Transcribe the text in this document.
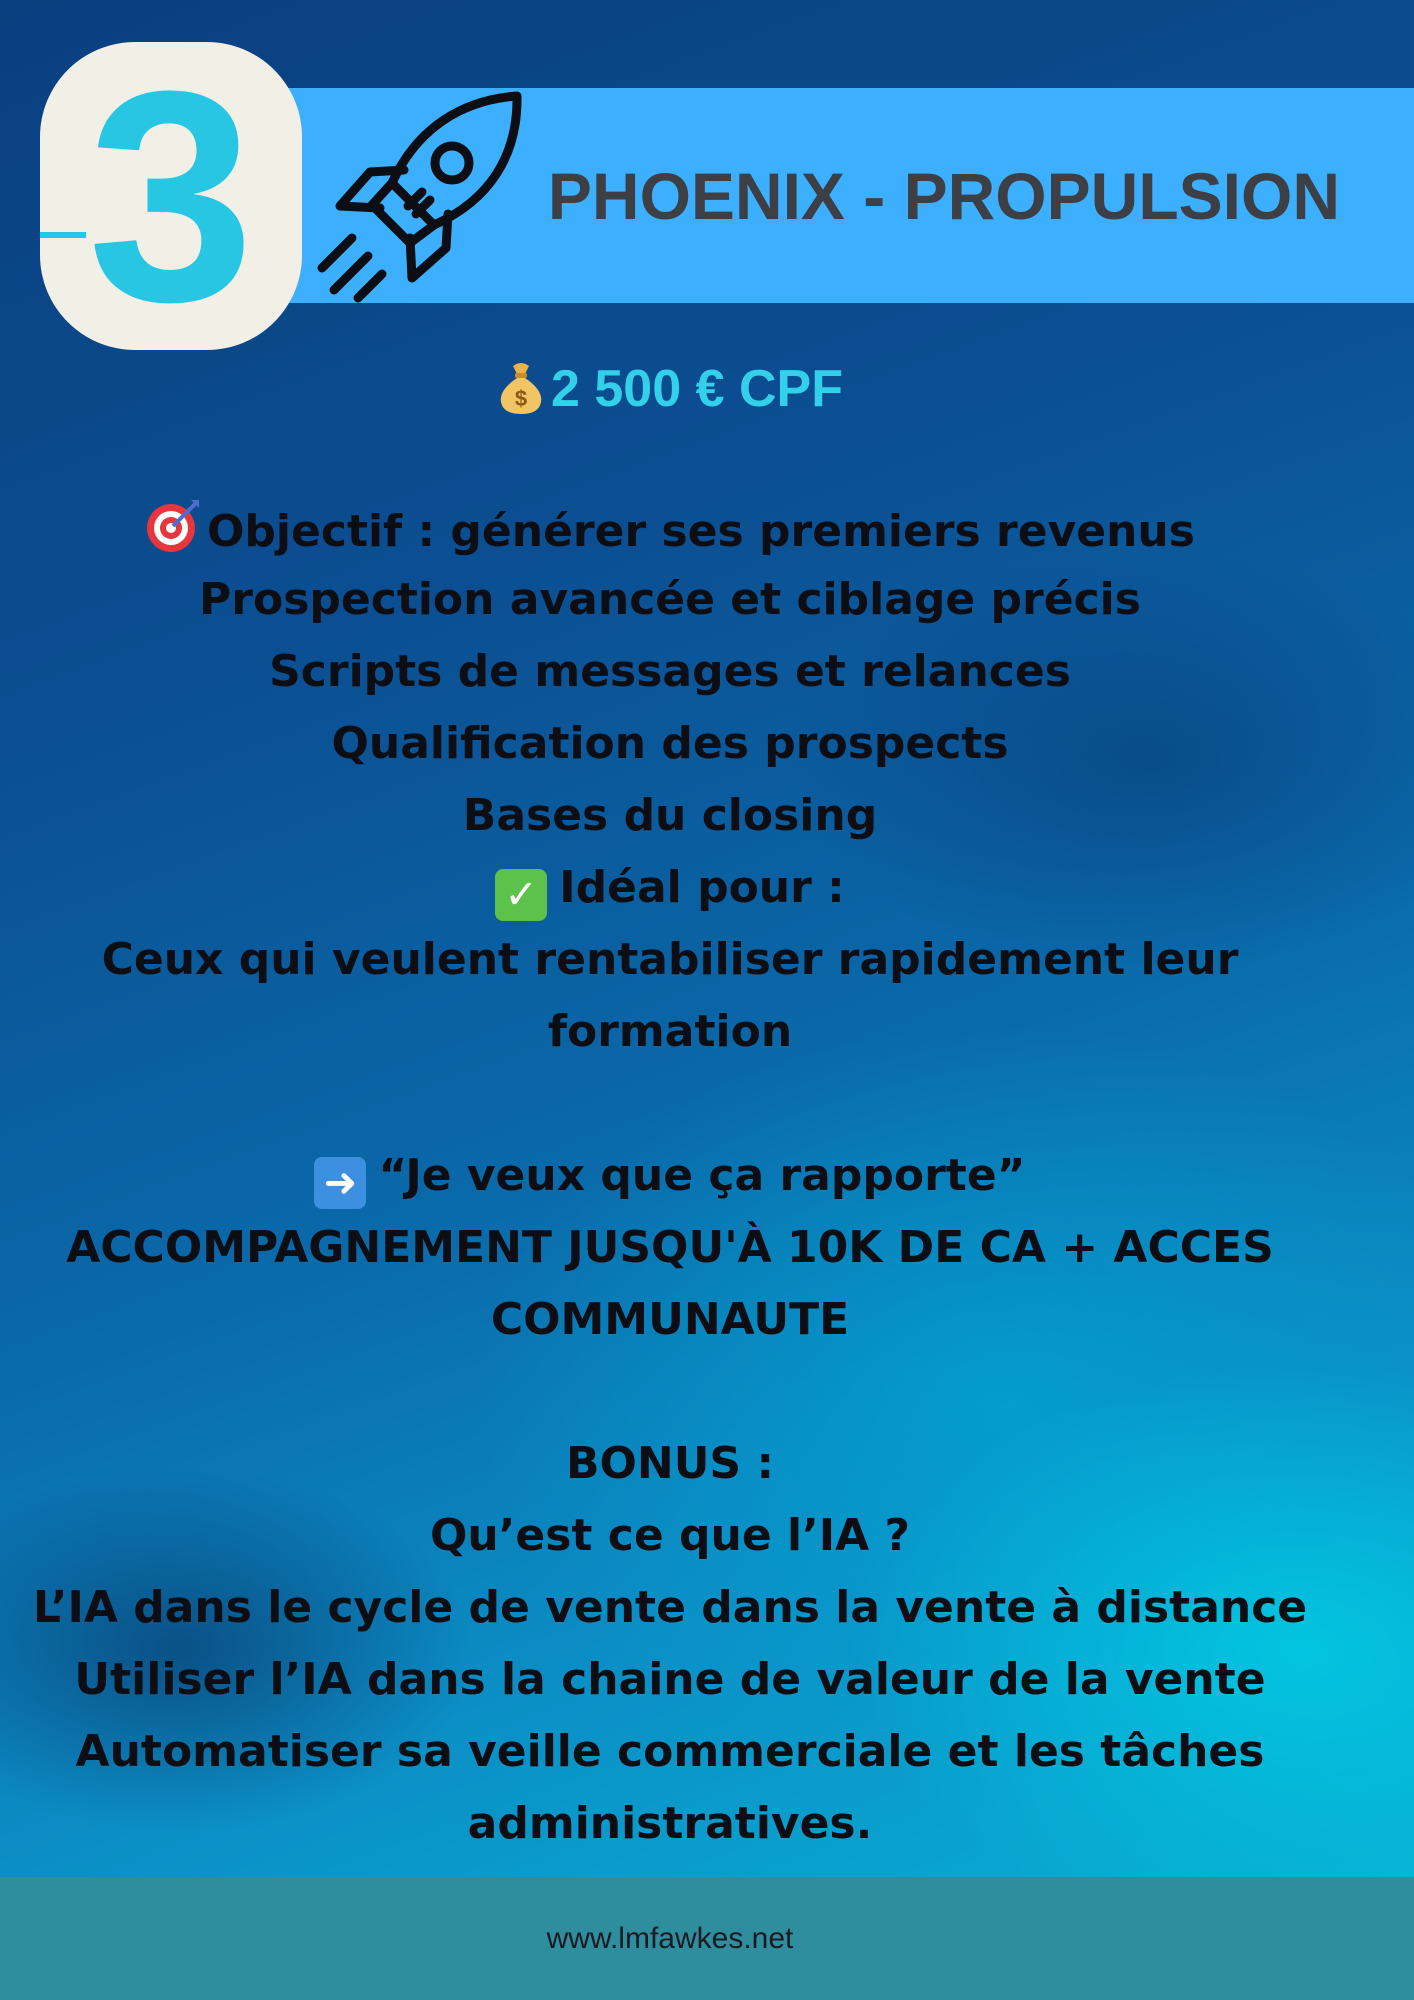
PHOENIX - PROPULSION
3
$ 2 500 € CPF
Objectif : générer ses premiers revenus
Prospection avancée et ciblage précis
Scripts de messages et relances
Qualification des prospects
Bases du closing
✓ Idéal pour :
Ceux qui veulent rentabiliser rapidement leur
formation
➜ “Je veux que ça rapporte”
ACCOMPAGNEMENT JUSQU'À 10K DE CA + ACCES
COMMUNAUTE
BONUS :
Qu’est ce que l’IA ?
L’IA dans le cycle de vente dans la vente à distance
Utiliser l’IA dans la chaine de valeur de la vente
Automatiser sa veille commerciale et les tâches
administratives.
www.lmfawkes.net
